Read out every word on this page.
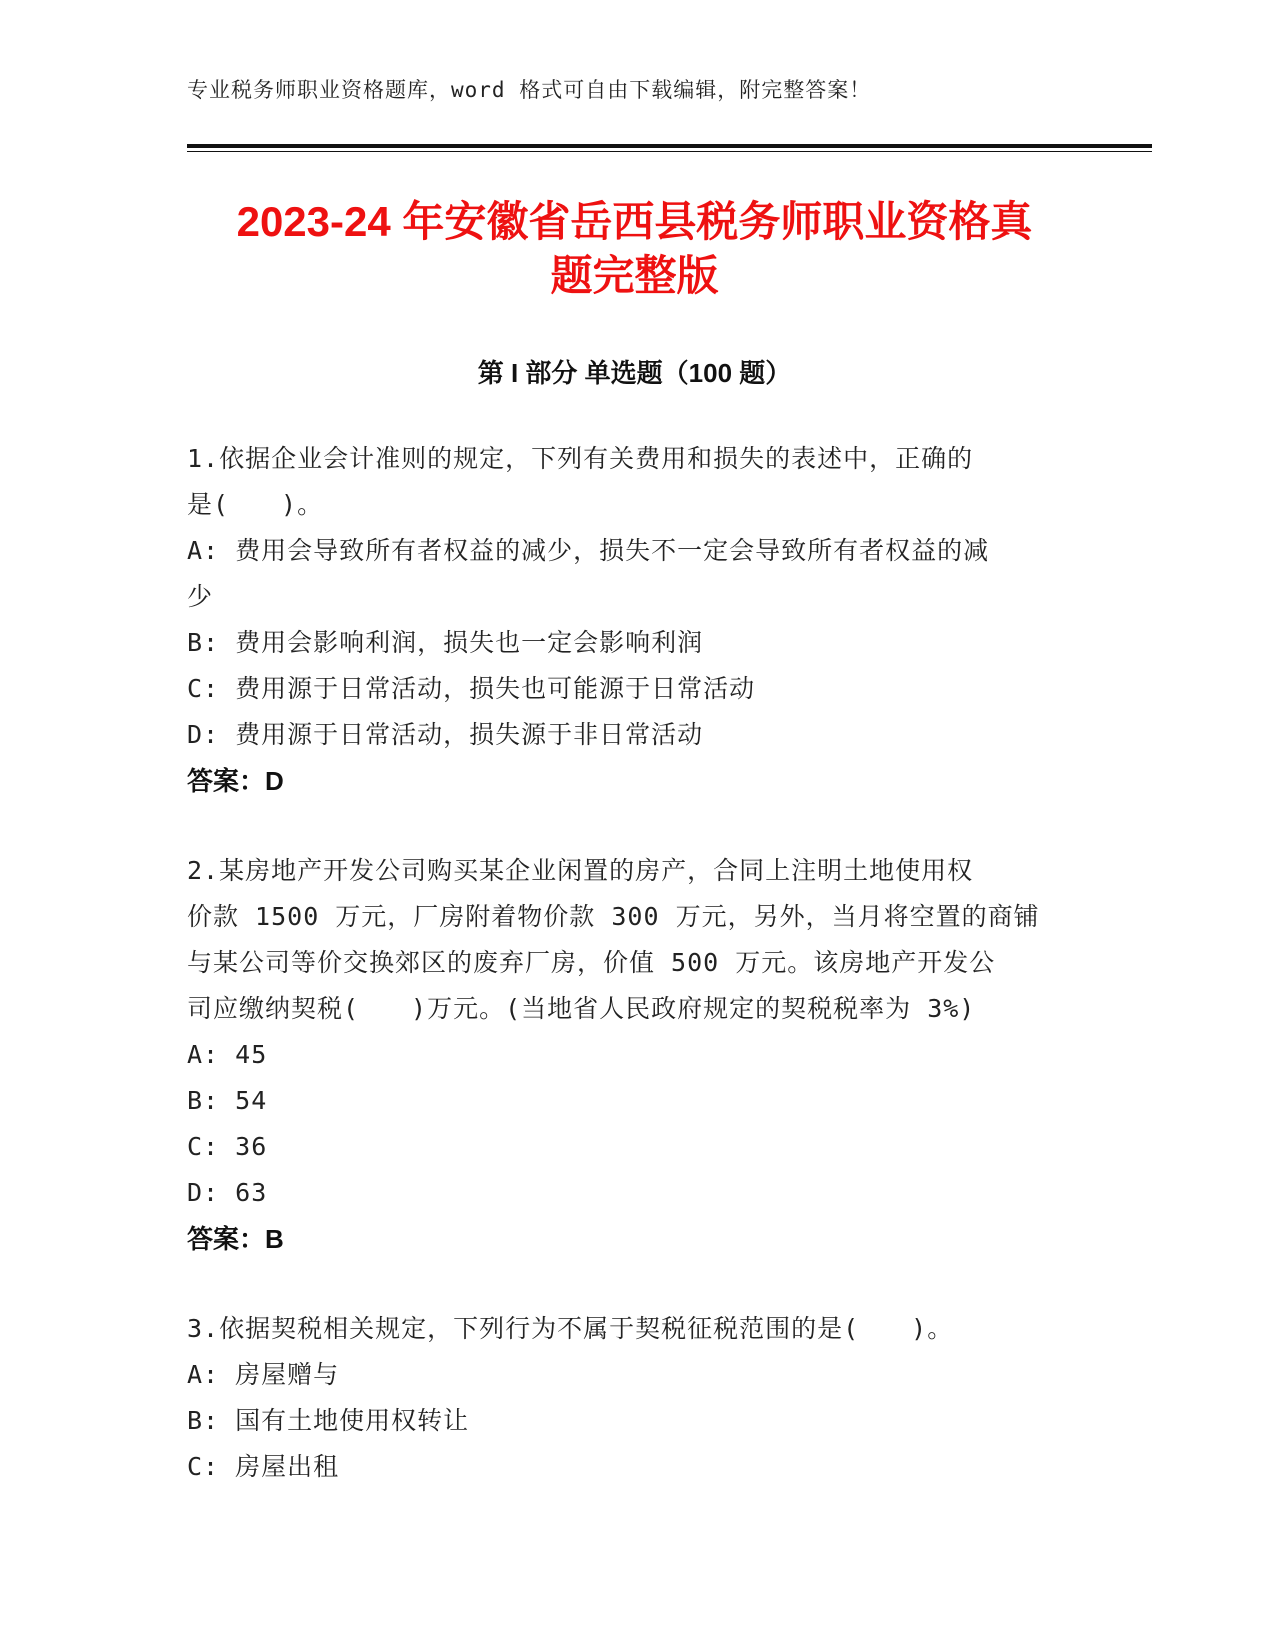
专业税务师职业资格题库，word 格式可自由下载编辑，附完整答案！
2023-24 年安徽省岳西县税务师职业资格真
题完整版
第 I 部分 单选题（100 题）
1.依据企业会计准则的规定，下列有关费用和损失的表述中，正确的
是(　　)。
A: 费用会导致所有者权益的减少，损失不一定会导致所有者权益的减
少
B: 费用会影响利润，损失也一定会影响利润
C: 费用源于日常活动，损失也可能源于日常活动
D: 费用源于日常活动，损失源于非日常活动
答案：D
2.某房地产开发公司购买某企业闲置的房产，合同上注明土地使用权
价款 1500 万元，厂房附着物价款 300 万元，另外，当月将空置的商铺
与某公司等价交换郊区的废弃厂房，价值 500 万元。该房地产开发公
司应缴纳契税(　　)万元。(当地省人民政府规定的契税税率为 3%)
A: 45
B: 54
C: 36
D: 63
答案：B
3.依据契税相关规定，下列行为不属于契税征税范围的是(　　)。
A: 房屋赠与
B: 国有土地使用权转让
C: 房屋出租
